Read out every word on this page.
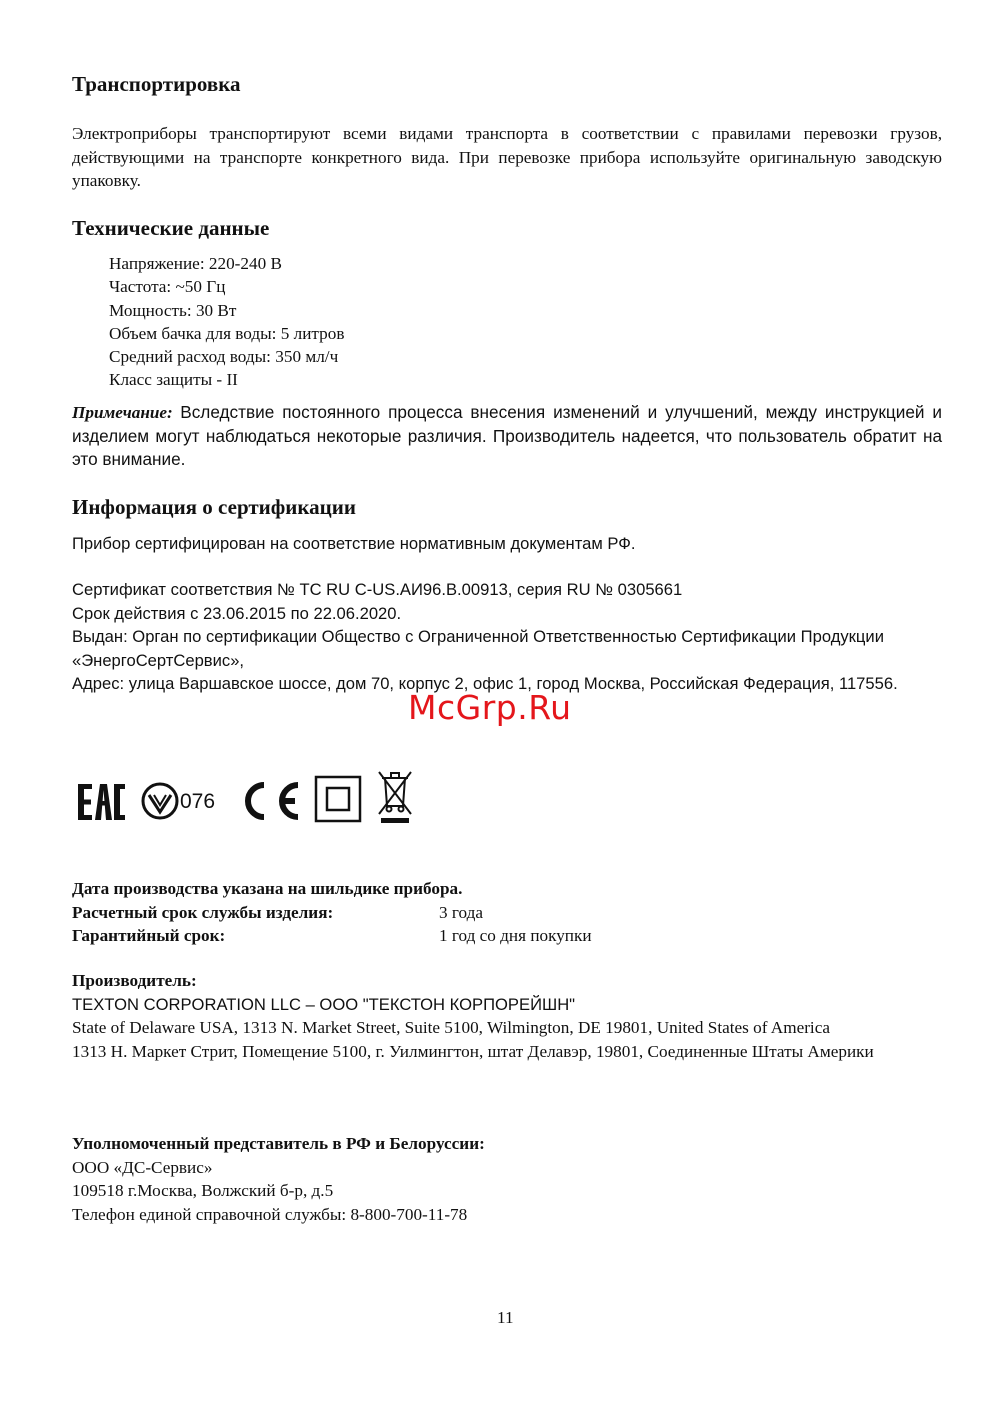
Транспортировка
Электроприборы транспортируют всеми видами транспорта в соответствии с правилами перевозки грузов, действующими на транспорте конкретного вида. При перевозке прибора используйте оригинальную заводскую упаковку.
Технические данные
Напряжение: 220-240 В
Частота: ~50 Гц
Мощность: 30 Вт
Объем бачка для воды: 5 литров
Средний расход воды: 350 мл/ч
Класс защиты - II
Примечание: Вследствие постоянного процесса внесения изменений и улучшений, между инструкцией и изделием могут наблюдаться некоторые различия. Производитель надеется, что пользователь обратит на это внимание.
Информация о сертификации
Прибор сертифицирован на соответствие нормативным документам РФ.
Сертификат соответствия № ТС RU C-US.АИ96.В.00913, серия RU № 0305661
Срок действия с 23.06.2015 по 22.06.2020.
Выдан: Орган по сертификации Общество с Ограниченной Ответственностью Сертификации Продукции «ЭнергоСертСервис»,
Адрес: улица Варшавское шоссе, дом 70, корпус 2, офис 1, город Москва, Российская Федерация, 117556.
Дата производства указана на шильдике прибора.
Расчетный срок службы изделия:	3 года
Гарантийный срок:	1 год со дня покупки
Производитель:
TEXTON CORPORATION LLC – ООО "ТЕКСТОН КОРПОРЕЙШН"
State of Delaware USA, 1313 N. Market Street, Suite 5100, Wilmington, DE 19801, United States of America
1313 Н. Маркет Стрит, Помещение 5100, г. Уилмингтон, штат Делавэр, 19801, Соединенные Штаты Америки
Уполномоченный представитель в РФ и Белоруссии:
ООО «ДС-Сервис»
109518 г.Москва, Волжский б-р, д.5
Телефон единой справочной службы: 8-800-700-11-78
McGrp.Ru
076
11
